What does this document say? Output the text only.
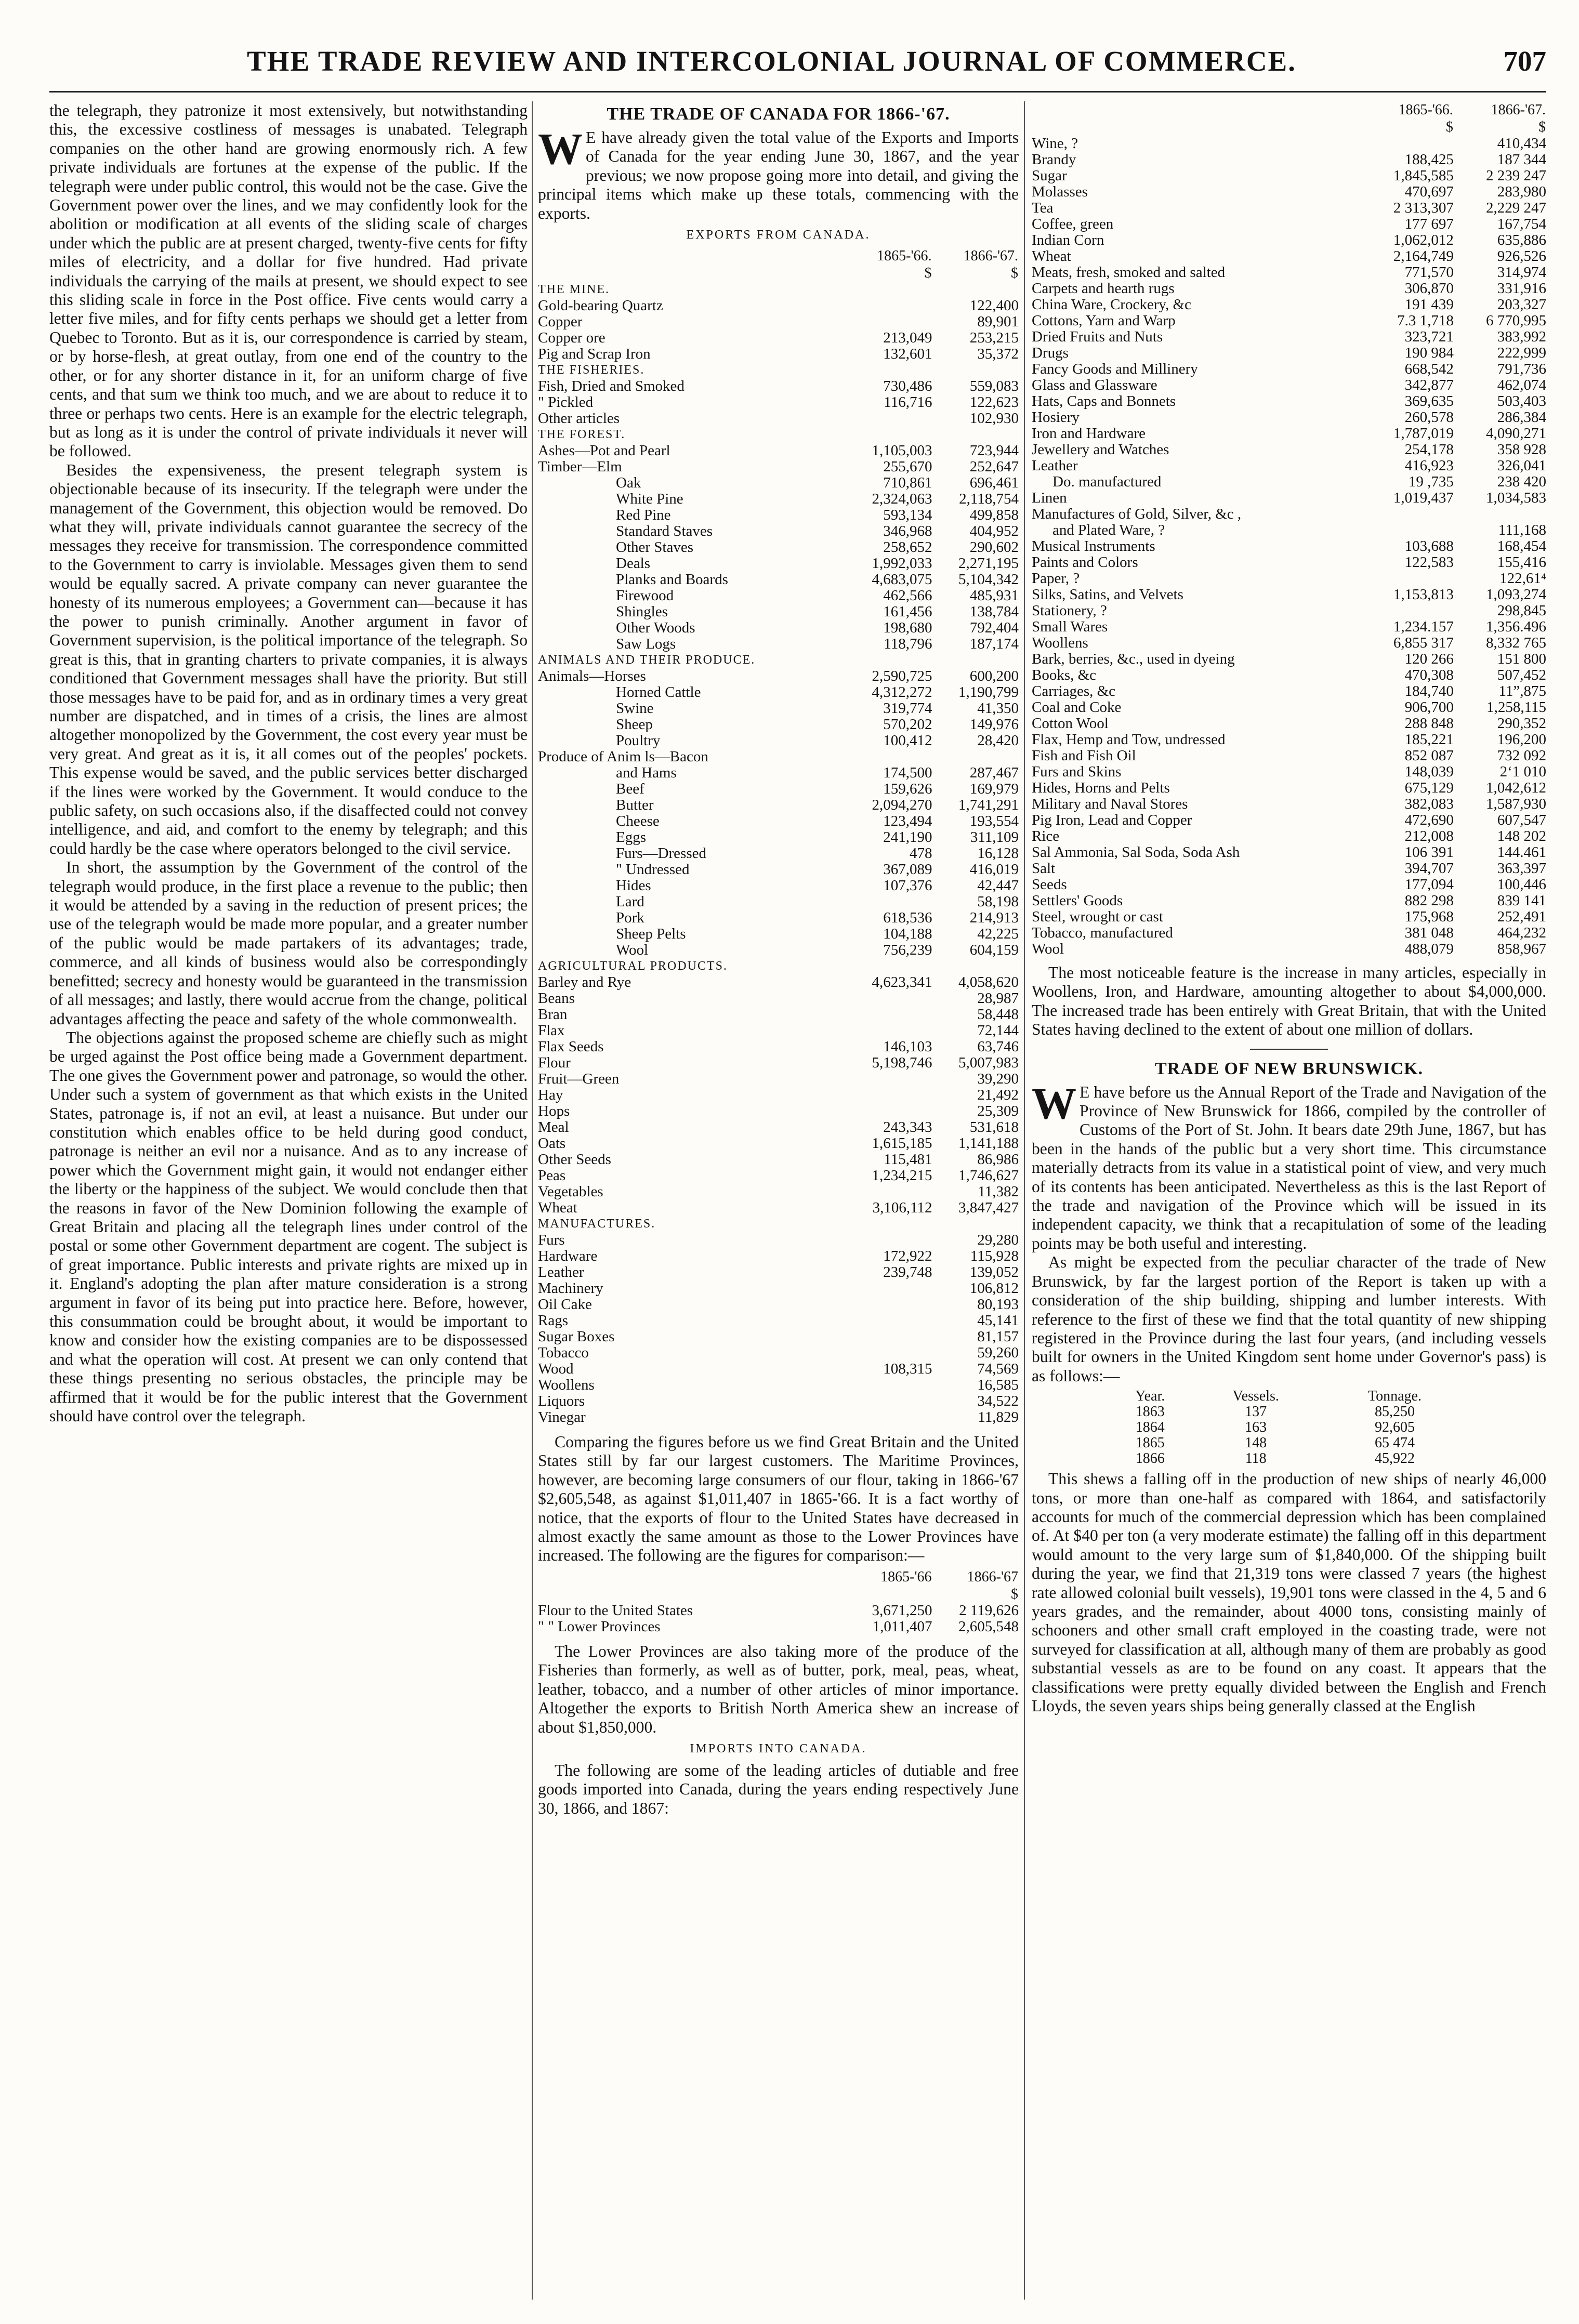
THE TRADE REVIEW AND INTERCOLONIAL JOURNAL OF COMMERCE.	707

the telegraph, they patronize it most extensively, but notwithstanding this, the excessive costliness of messages is unabated. Telegraph companies on the other hand are growing enormously rich. A few private individuals are fortunes at the expense of the public. If the telegraph were under public control, this would not be the case. Give the Government power over the lines, and we may confidently look for the abolition or modification at all events of the sliding scale of charges under which the public are at present charged, twenty-five cents for fifty miles of electricity, and a dollar for five hundred. Had private individuals the carrying of the mails at present, we should expect to see this sliding scale in force in the Post office. Five cents would carry a letter five miles, and for fifty cents perhaps we should get a letter from Quebec to Toronto. But as it is, our correspondence is carried by steam, or by horse-flesh, at great outlay, from one end of the country to the other, or for any shorter distance in it, for an uniform charge of five cents, and that sum we think too much, and we are about to reduce it to three or perhaps two cents. Here is an example for the electric telegraph, but as long as it is under the control of private individuals it never will be followed.

Besides the expensiveness, the present telegraph system is objectionable because of its insecurity. If the telegraph were under the management of the Government, this objection would be removed. Do what they will, private individuals cannot guarantee the secrecy of the messages they receive for transmission. The correspondence committed to the Government to carry is inviolable. Messages given them to send would be equally sacred. A private company can never guarantee the honesty of its numerous employees; a Government can—because it has the power to punish criminally. Another argument in favor of Government supervision, is the political importance of the telegraph. So great is this, that in granting charters to private companies, it is always conditioned that Government messages shall have the priority. But still those messages have to be paid for, and as in ordinary times a very great number are dispatched, and in times of a crisis, the lines are almost altogether monopolized by the Government, the cost every year must be very great. And great as it is, it all comes out of the peoples' pockets. This expense would be saved, and the public services better discharged if the lines were worked by the Government. It would conduce to the public safety, on such occasions also, if the disaffected could not convey intelligence, and aid, and comfort to the enemy by telegraph; and this could hardly be the case where operators belonged to the civil service.

In short, the assumption by the Government of the control of the telegraph would produce, in the first place a revenue to the public; then it would be attended by a saving in the reduction of present prices; the use of the telegraph would be made more popular, and a greater number of the public would be made partakers of its advantages; trade, commerce, and all kinds of business would also be correspondingly benefitted; secrecy and honesty would be guaranteed in the transmission of all messages; and lastly, there would accrue from the change, political advantages affecting the peace and safety of the whole commonwealth.

The objections against the proposed scheme are chiefly such as might be urged against the Post office being made a Government department. The one gives the Government power and patronage, so would the other. Under such a system of government as that which exists in the United States, patronage is, if not an evil, at least a nuisance. But under our constitution which enables office to be held during good conduct, patronage is neither an evil nor a nuisance. And as to any increase of power which the Government might gain, it would not endanger either the liberty or the happiness of the subject. We would conclude then that the reasons in favor of the New Dominion following the example of Great Britain and placing all the telegraph lines under control of the postal or some other Government department are cogent. The subject is of great importance. Public interests and private rights are mixed up in it. England's adopting the plan after mature consideration is a strong argument in favor of its being put into practice here. Before, however, this consummation could be brought about, it would be important to know and consider how the existing companies are to be dispossessed and what the operation will cost. At present we can only contend that these things presenting no serious obstacles, the principle may be affirmed that it would be for the public interest that the Government should have control over the telegraph.

THE TRADE OF CANADA FOR 1866-'67.

W E have already given the total value of the Exports and Imports of Canada for the year ending June 30, 1867, and the year previous; we now propose going more into detail, and giving the principal items which make up these totals, commencing with the exports.

EXPORTS FROM CANADA.
	1865-'66.	1866-'67.
	$	$
THE MINE.		
Gold-bearing Quartz		122,400
Copper		89,901
Copper ore	213,049	253,215
Pig and Scrap Iron	132,601	35,372
THE FISHERIES.		
Fish, Dried and Smoked	730,486	559,083
" Pickled	116,716	122,623
Other articles		102,930
THE FOREST.		
Ashes—Pot and Pearl	1,105,003	723,944
Timber—Elm	255,670	252,647
Oak	710,861	696,461
White Pine	2,324,063	2,118,754
Red Pine	593,134	499,858
Standard Staves	346,968	404,952
Other Staves	258,652	290,602
Deals	1,992,033	2,271,195
Planks and Boards	4,683,075	5,104,342
Firewood	462,566	485,931
Shingles	161,456	138,784
Other Woods	198,680	792,404
Saw Logs	118,796	187,174
ANIMALS AND THEIR PRODUCE.		
Animals—Horses	2,590,725	600,200
Horned Cattle	4,312,272	1,190,799
Swine	319,774	41,350
Sheep	570,202	149,976
Poultry	100,412	28,420
Produce of Anim ls—Bacon		
and Hams	174,500	287,467
Beef	159,626	169,979
Butter	2,094,270	1,741,291
Cheese	123,494	193,554
Eggs	241,190	311,109
Furs—Dressed	478	16,128
" Undressed	367,089	416,019
Hides	107,376	42,447
Lard		58,198
Pork	618,536	214,913
Sheep Pelts	104,188	42,225
Wool	756,239	604,159
AGRICULTURAL PRODUCTS.		
Barley and Rye	4,623,341	4,058,620
Beans		28,987
Bran		58,448
Flax		72,144
Flax Seeds	146,103	63,746
Flour	5,198,746	5,007,983
Fruit—Green		39,290
Hay		21,492
Hops		25,309
Meal	243,343	531,618
Oats	1,615,185	1,141,188
Other Seeds	115,481	86,986
Peas	1,234,215	1,746,627
Vegetables		11,382
Wheat	3,106,112	3,847,427
MANUFACTURES.		
Furs		29,280
Hardware	172,922	115,928
Leather	239,748	139,052
Machinery		106,812
Oil Cake		80,193
Rags		45,141
Sugar Boxes		81,157
Tobacco		59,260
Wood	108,315	74,569
Woollens		16,585
Liquors		34,522
Vinegar		11,829

Comparing the figures before us we find Great Britain and the United States still by far our largest customers. The Maritime Provinces, however, are becoming large consumers of our flour, taking in 1866-'67 $2,605,548, as against $1,011,407 in 1865-'66. It is a fact worthy of notice, that the exports of flour to the United States have decreased in almost exactly the same amount as those to the Lower Provinces have increased. The following are the figures for comparison:—

	1865-'66	1866-'67
		$
Flour to the United States	3,671,250	2 119,626
" " Lower Provinces	1,011,407	2,605,548

The Lower Provinces are also taking more of the produce of the Fisheries than formerly, as well as of butter, pork, meal, peas, wheat, leather, tobacco, and a number of other articles of minor importance. Altogether the exports to British North America shew an increase of about $1,850,000.

IMPORTS INTO CANADA.

The following are some of the leading articles of dutiable and free goods imported into Canada, during the years ending respectively June 30, 1866, and 1867:

	1865-'66.	1866-'67.
	$	$
Wine, ?		410,434
Brandy	188,425	187 344
Sugar	1,845,585	2 239 247
Molasses	470,697	283,980
Tea	2 313,307	2,229 247
Coffee, green	177 697	167,754
Indian Corn	1,062,012	635,886
Wheat	2,164,749	926,526
Meats, fresh, smoked and salted	771,570	314,974
Carpets and hearth rugs	306,870	331,916
China Ware, Crockery, &c	191 439	203,327
Cottons, Yarn and Warp	7.3 1,718	6 770,995
Dried Fruits and Nuts	323,721	383,992
Drugs	190 984	222,999
Fancy Goods and Millinery	668,542	791,736
Glass and Glassware	342,877	462,074
Hats, Caps and Bonnets	369,635	503,403
Hosiery	260,578	286,384
Iron and Hardware	1,787,019	4,090,271
Jewellery and Watches	254,178	358 928
Leather	416,923	326,041
Do. manufactured	19 ,735	238 420
Linen	1,019,437	1,034,583
Manufactures of Gold, Silver, &c ,		
and Plated Ware, ?		111,168
Musical Instruments	103,688	168,454
Paints and Colors	122,583	155,416
Paper, ?		122,61⁴
Silks, Satins, and Velvets	1,153,813	1,093,274
Stationery, ?		298,845
Small Wares	1,234.157	1,356.496
Woollens	6,855 317	8,332 765
Bark, berries, &c., used in dyeing	120 266	151 800
Books, &c	470,308	507,452
Carriages, &c	184,740	11”,875
Coal and Coke	906,700	1,258,115
Cotton Wool	288 848	290,352
Flax, Hemp and Tow, undressed	185,221	196,200
Fish and Fish Oil	852 087	732 092
Furs and Skins	148,039	2‘1 010
Hides, Horns and Pelts	675,129	1,042,612
Military and Naval Stores	382,083	1,587,930
Pig Iron, Lead and Copper	472,690	607,547
Rice	212,008	148 202
Sal Ammonia, Sal Soda, Soda Ash	106 391	144.461
Salt	394,707	363,397
Seeds	177,094	100,446
Settlers' Goods	882 298	839 141
Steel, wrought or cast	175,968	252,491
Tobacco, manufactured	381 048	464,232
Wool	488,079	858,967

The most noticeable feature is the increase in many articles, especially in Woollens, Iron, and Hardware, amounting altogether to about $4,000,000. The increased trade has been entirely with Great Britain, that with the United States having declined to the extent of about one million of dollars.

TRADE OF NEW BRUNSWICK.

W E have before us the Annual Report of the Trade and Navigation of the Province of New Brunswick for 1866, compiled by the controller of Customs of the Port of St. John. It bears date 29th June, 1867, but has been in the hands of the public but a very short time. This circumstance materially detracts from its value in a statistical point of view, and very much of its contents has been anticipated. Nevertheless as this is the last Report of the trade and navigation of the Province which will be issued in its independent capacity, we think that a recapitulation of some of the leading points may be both useful and interesting.

As might be expected from the peculiar character of the trade of New Brunswick, by far the largest portion of the Report is taken up with a consideration of the ship building, shipping and lumber interests. With reference to the first of these we find that the total quantity of new shipping registered in the Province during the last four years, (and including vessels built for owners in the United Kingdom sent home under Governor's pass) is as follows:—

Year.	Vessels.	Tonnage.
1863	137	85,250
1864	163	92,605
1865	148	65 474
1866	118	45,922

This shews a falling off in the production of new ships of nearly 46,000 tons, or more than one-half as compared with 1864, and satisfactorily accounts for much of the commercial depression which has been complained of. At $40 per ton (a very moderate estimate) the falling off in this department would amount to the very large sum of $1,840,000. Of the shipping built during the year, we find that 21,319 tons were classed 7 years (the highest rate allowed colonial built vessels), 19,901 tons were classed in the 4, 5 and 6 years grades, and the remainder, about 4000 tons, consisting mainly of schooners and other small craft employed in the coasting trade, were not surveyed for classification at all, although many of them are probably as good substantial vessels as are to be found on any coast. It appears that the classifications were pretty equally divided between the English and French Lloyds, the seven years ships being generally classed at the English
